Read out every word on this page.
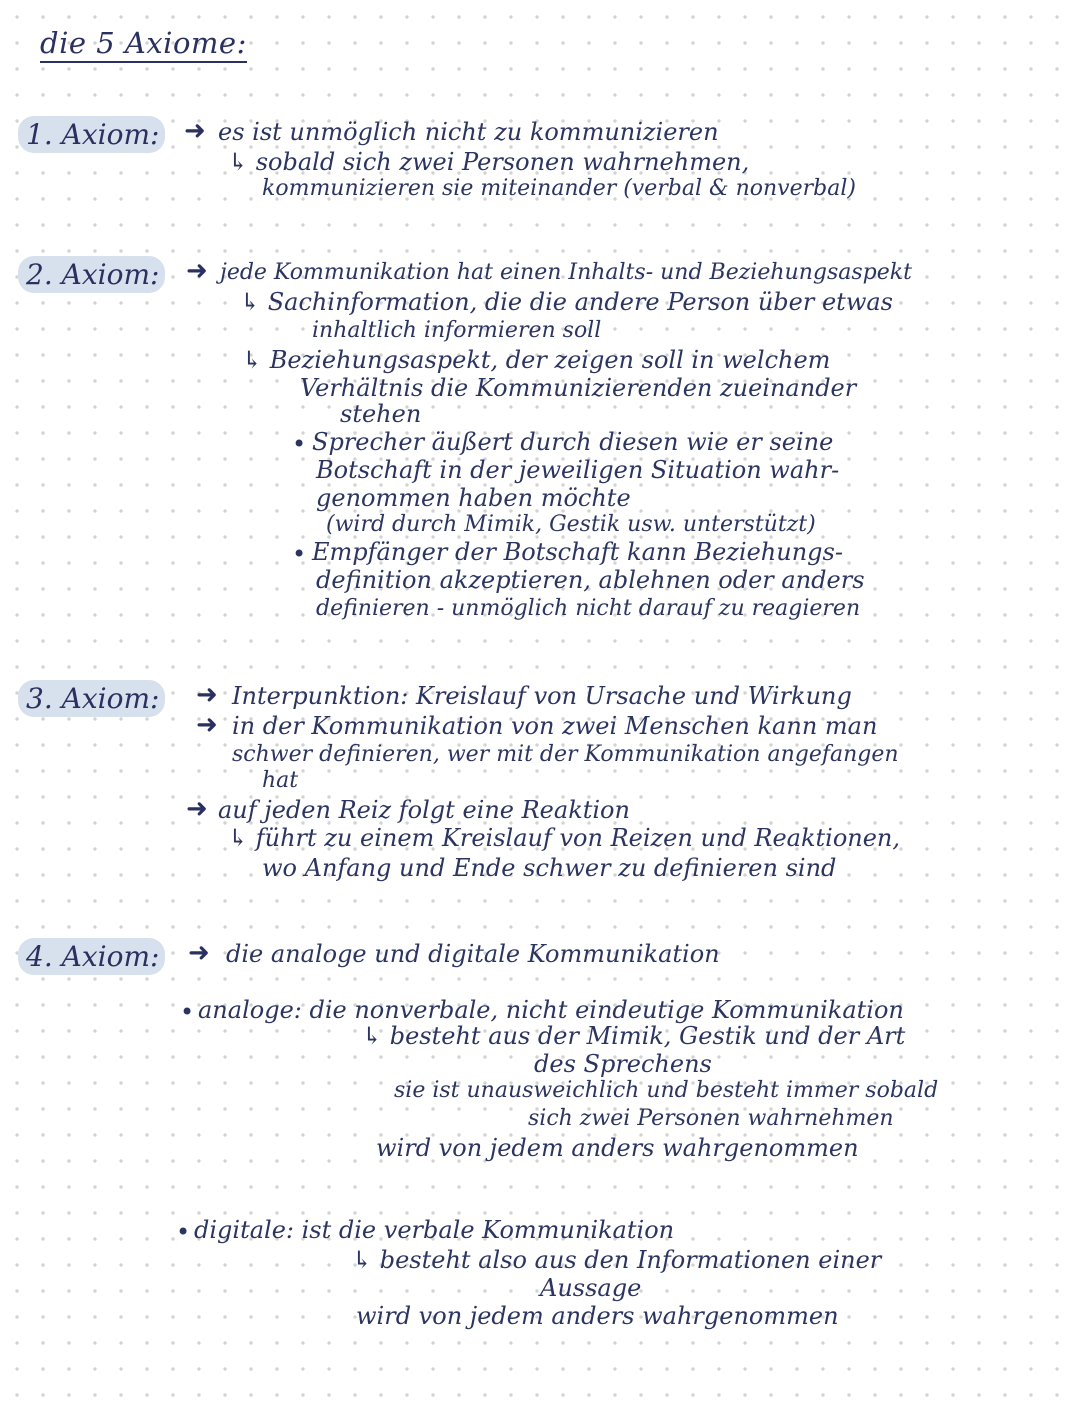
die 5 Axiome:
1. Axiom: ➜ es ist unmöglich nicht zu kommunizieren
↳ sobald sich zwei Personen wahrnehmen,
kommunizieren sie miteinander (verbal & nonverbal)
2. Axiom: ➜ jede Kommunikation hat einen Inhalts- und Beziehungsaspekt
↳ Sachinformation, die die andere Person über etwas
inhaltlich informieren soll
↳ Beziehungsaspekt, der zeigen soll in welchem
Verhältnis die Kommunizierenden zueinander
stehen
• Sprecher äußert durch diesen wie er seine
Botschaft in der jeweiligen Situation wahr-
genommen haben möchte
(wird durch Mimik, Gestik usw. unterstützt)
• Empfänger der Botschaft kann Beziehungs-
definition akzeptieren, ablehnen oder anders
definieren - unmöglich nicht darauf zu reagieren
3. Axiom: ➜ Interpunktion: Kreislauf von Ursache und Wirkung
➜ in der Kommunikation von zwei Menschen kann man
schwer definieren, wer mit der Kommunikation angefangen
hat
➜ auf jeden Reiz folgt eine Reaktion
↳ führt zu einem Kreislauf von Reizen und Reaktionen,
wo Anfang und Ende schwer zu definieren sind
4. Axiom: ➜ die analoge und digitale Kommunikation
• analoge: die nonverbale, nicht eindeutige Kommunikation
↳ besteht aus der Mimik, Gestik und der Art
des Sprechens
sie ist unausweichlich und besteht immer sobald
sich zwei Personen wahrnehmen
wird von jedem anders wahrgenommen
• digitale: ist die verbale Kommunikation
↳ besteht also aus den Informationen einer
Aussage
wird von jedem anders wahrgenommen
